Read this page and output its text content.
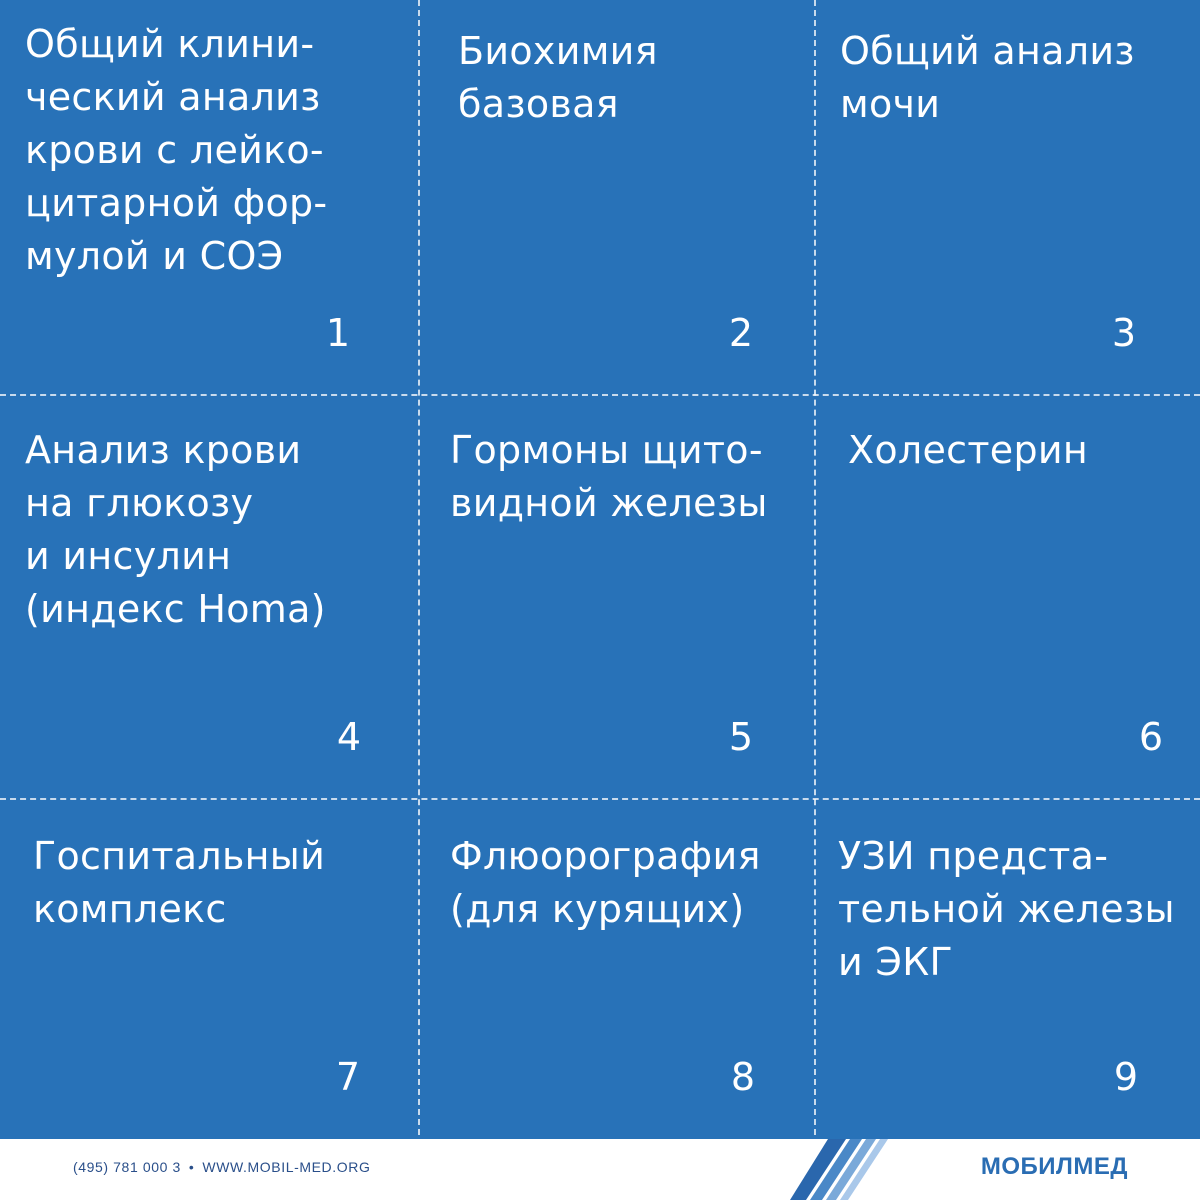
Общий клини-
ческий анализ
крови с лейко-
цитарной фор-
мулой и СОЭ

1

Биохимия
базовая

2

Общий анализ
мочи

3

Анализ крови
на глюкозу
и инсулин
(индекс Homa)

4

Гормоны щито-
видной железы

5

Холестерин

6

Госпитальный
комплекс

7

Флюорография
(для курящих)

8

УЗИ предста-
тельной железы
и ЭКГ

9
(495) 781 000 3 • WWW.MOBIL-MED.ORG	МОБИЛМЕД
